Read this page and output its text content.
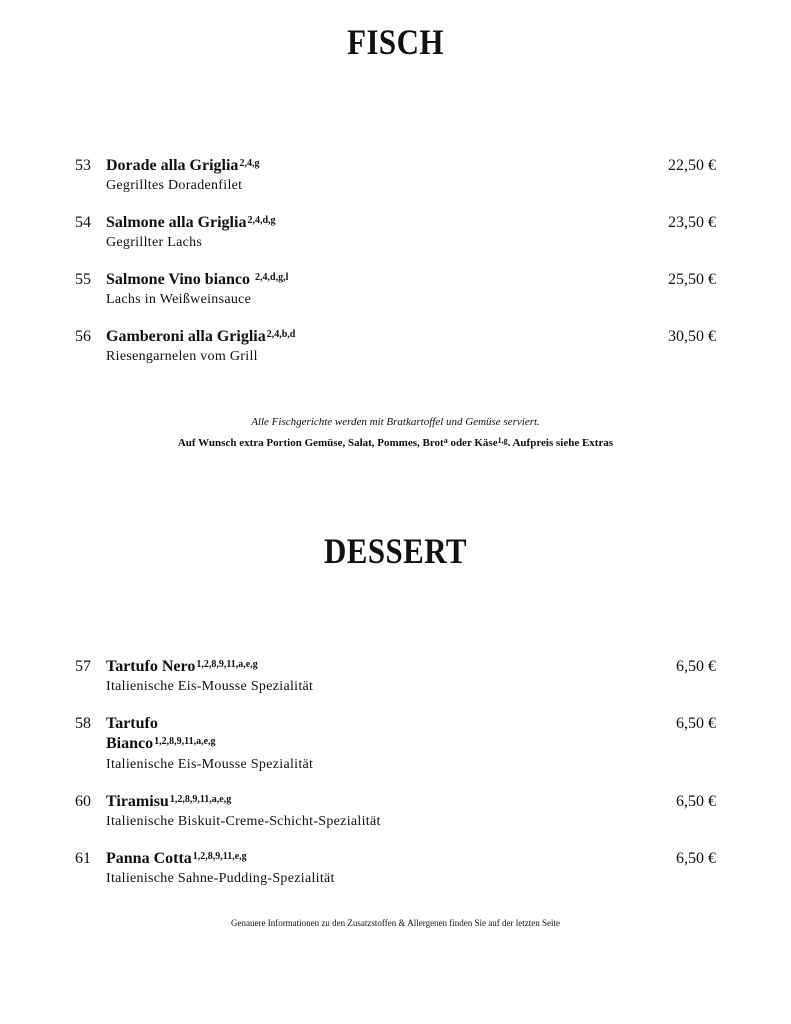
FISCH
53 Dorade alla Griglia$^{2,4,g}$
Gegrilltes Doradenfilet
22,50 €
54 Salmone alla Griglia$^{2,4,d,g}$
Gegrillter Lachs
23,50 €
55 Salmone Vino bianco $^{2,4,d,g,l}$
Lachs in Weißweinsauce
25,50 €
56 Gamberoni alla Griglia$^{2,4,b,d}$
Riesengarnelen vom Grill
30,50 €

Alle Fischgerichte werden mit Bratkartoffel und Gemüse serviert.

Auf Wunsch extra Portion Gemüse, Salat, Pommes, Brot$^a$ oder Käse$^{1,g}$. Aufpreis siehe Extras

DESSERT
57 Tartufo Nero$^{1,2,8,9,11,a,e,g}$
Italienische Eis-Mousse Spezialität
6,50 €
58 Tartufo Bianco$^{1,2,8,9,11,a,e,g}$
Italienische Eis-Mousse Spezialität
6,50 €
60 Tiramisu$^{1,2,8,9,11,a,e,g}$
Italienische Biskuit-Creme-Schicht-Spezialität
6,50 €
61 Panna Cotta$^{1,2,8,9,11,e,g}$
Italienische Sahne-Pudding-Spezialität
6,50 €

Genauere Informationen zu den Zusatzstoffen & Allergenen finden Sie auf der letzten Seite
